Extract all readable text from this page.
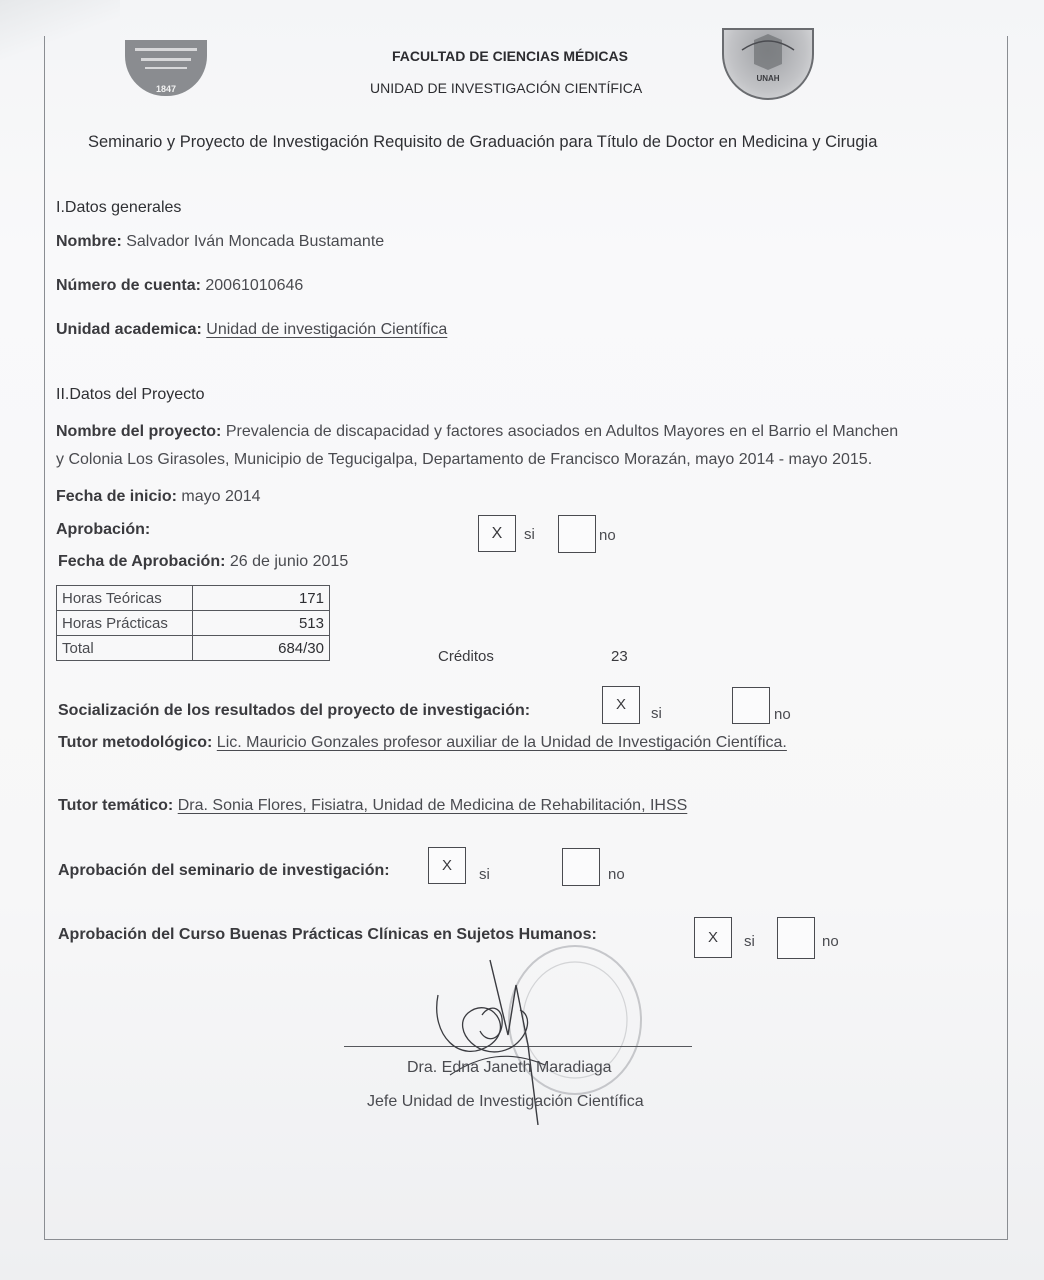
1847
UNAH
FACULTAD DE CIENCIAS MÉDICAS
UNIDAD DE INVESTIGACIÓN CIENTÍFICA
Seminario y Proyecto de Investigación Requisito de Graduación para Título de Doctor en Medicina y Cirugia
I.Datos generales
Nombre: Salvador Iván Moncada Bustamante
Número de cuenta: 20061010646
Unidad academica: Unidad de investigación Científica
II.Datos del Proyecto
Nombre del proyecto: Prevalencia de discapacidad y factores asociados en Adultos Mayores en el Barrio el Manchen
y Colonia Los Girasoles, Municipio de Tegucigalpa, Departamento de Francisco Morazán, mayo 2014 - mayo 2015.
Fecha de inicio: mayo 2014
Aprobación:	X	si	no
Fecha de Aprobación: 26 de junio 2015
Horas Teóricas	171
Horas Prácticas	513
Total	684/30	Créditos	23
Socialización de los resultados del proyecto de investigación:	X
si	no
Tutor metodológico: Lic. Mauricio Gonzales profesor auxiliar de la Unidad de Investigación Científica.
Tutor temático: Dra. Sonia Flores, Fisiatra, Unidad de Medicina de Rehabilitación, IHSS
Aprobación del seminario de investigación:	X
si	no
Aprobación del Curso Buenas Prácticas Clínicas en Sujetos Humanos:	X	si	no
Dra. Edna Janeth Maradiaga
Jefe Unidad de Investigación Científica
